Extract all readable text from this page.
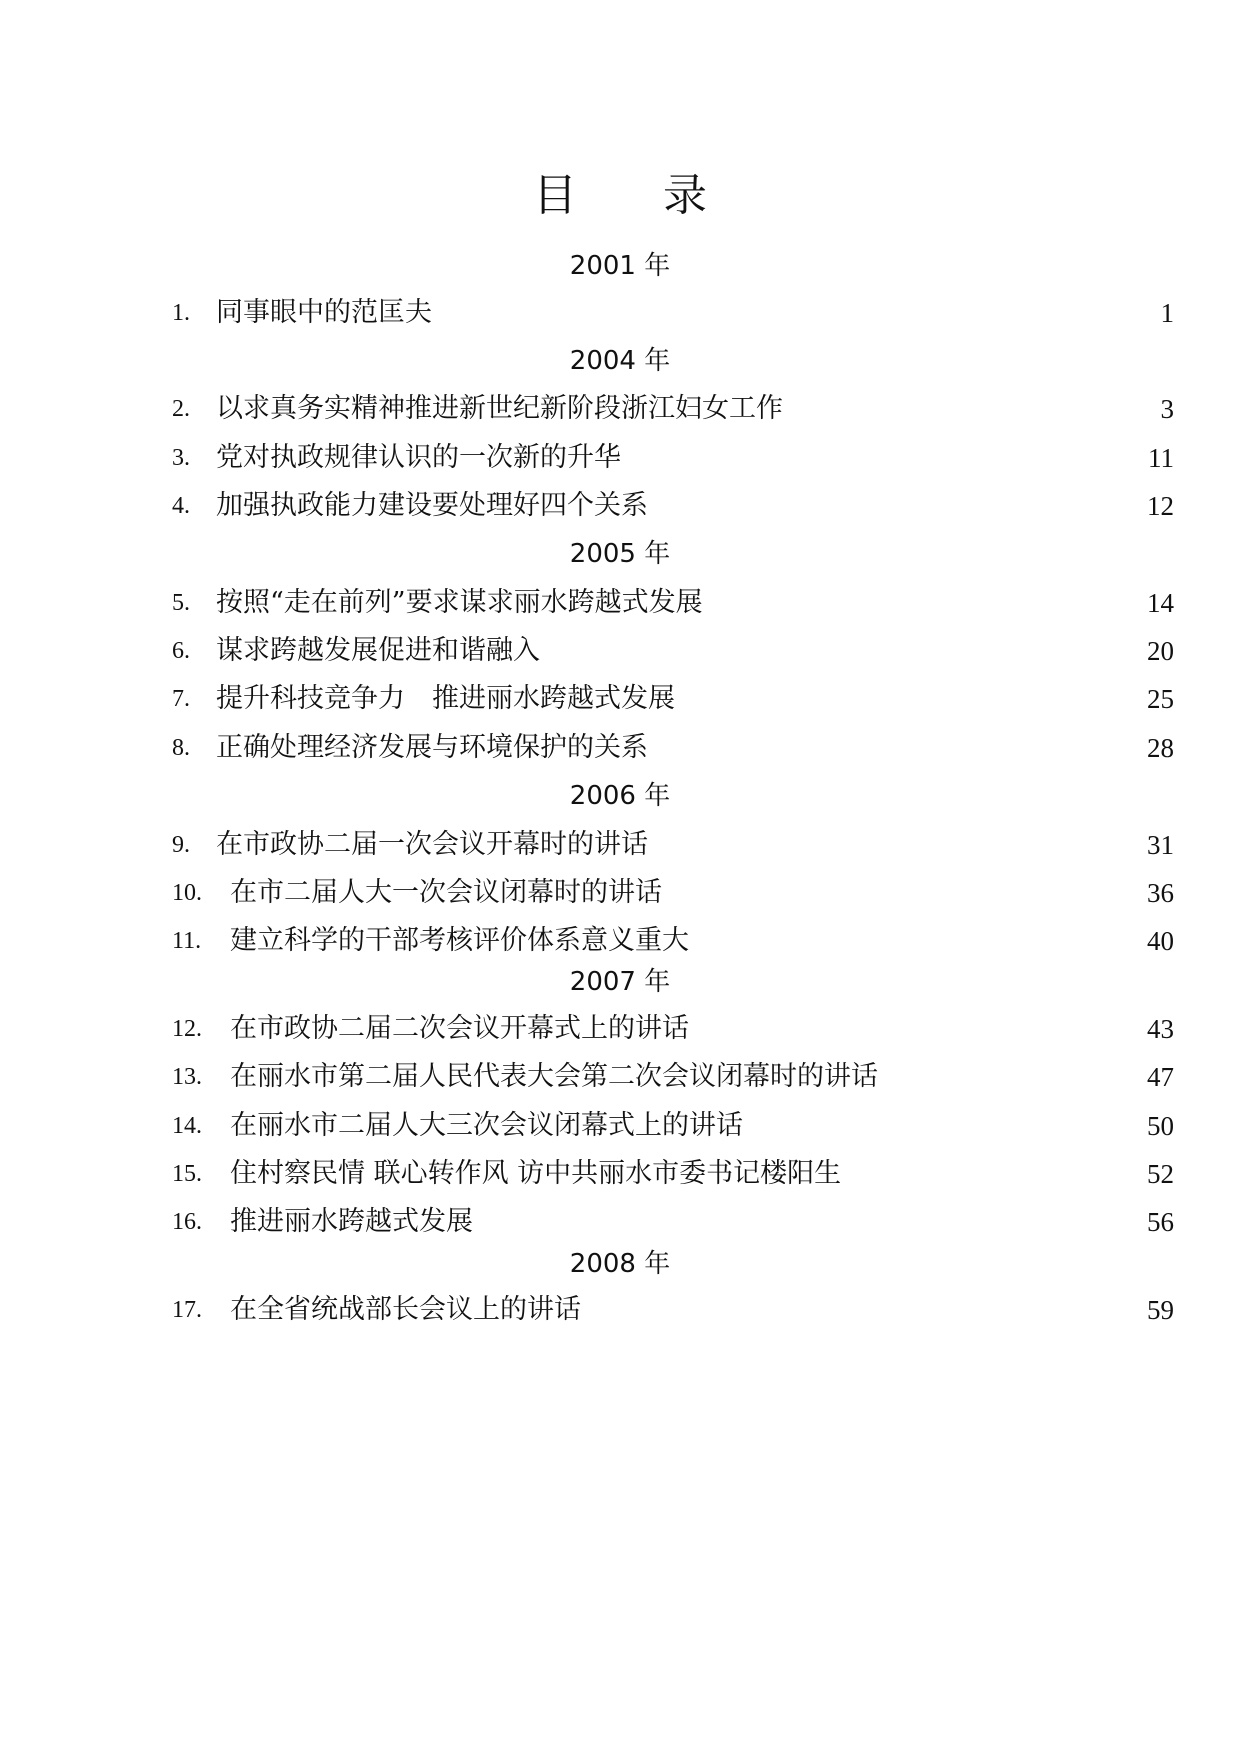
目 录
2001 年
1. 同事眼中的范匡夫	1
2004 年
2. 以求真务实精神推进新世纪新阶段浙江妇女工作	3
3. 党对执政规律认识的一次新的升华	11
4. 加强执政能力建设要处理好四个关系	12
2005 年
5. 按照“走在前列”要求谋求丽水跨越式发展	14
6. 谋求跨越发展促进和谐融入	20
7. 提升科技竞争力　推进丽水跨越式发展	25
8. 正确处理经济发展与环境保护的关系	28
2006 年
9. 在市政协二届一次会议开幕时的讲话	31
10. 在市二届人大一次会议闭幕时的讲话	36
11. 建立科学的干部考核评价体系意义重大	40
2007 年
12. 在市政协二届二次会议开幕式上的讲话	43
13. 在丽水市第二届人民代表大会第二次会议闭幕时的讲话	47
14. 在丽水市二届人大三次会议闭幕式上的讲话	50
15. 住村察民情 联心转作风 访中共丽水市委书记楼阳生	52
16. 推进丽水跨越式发展	56
2008 年
17. 在全省统战部长会议上的讲话	59
